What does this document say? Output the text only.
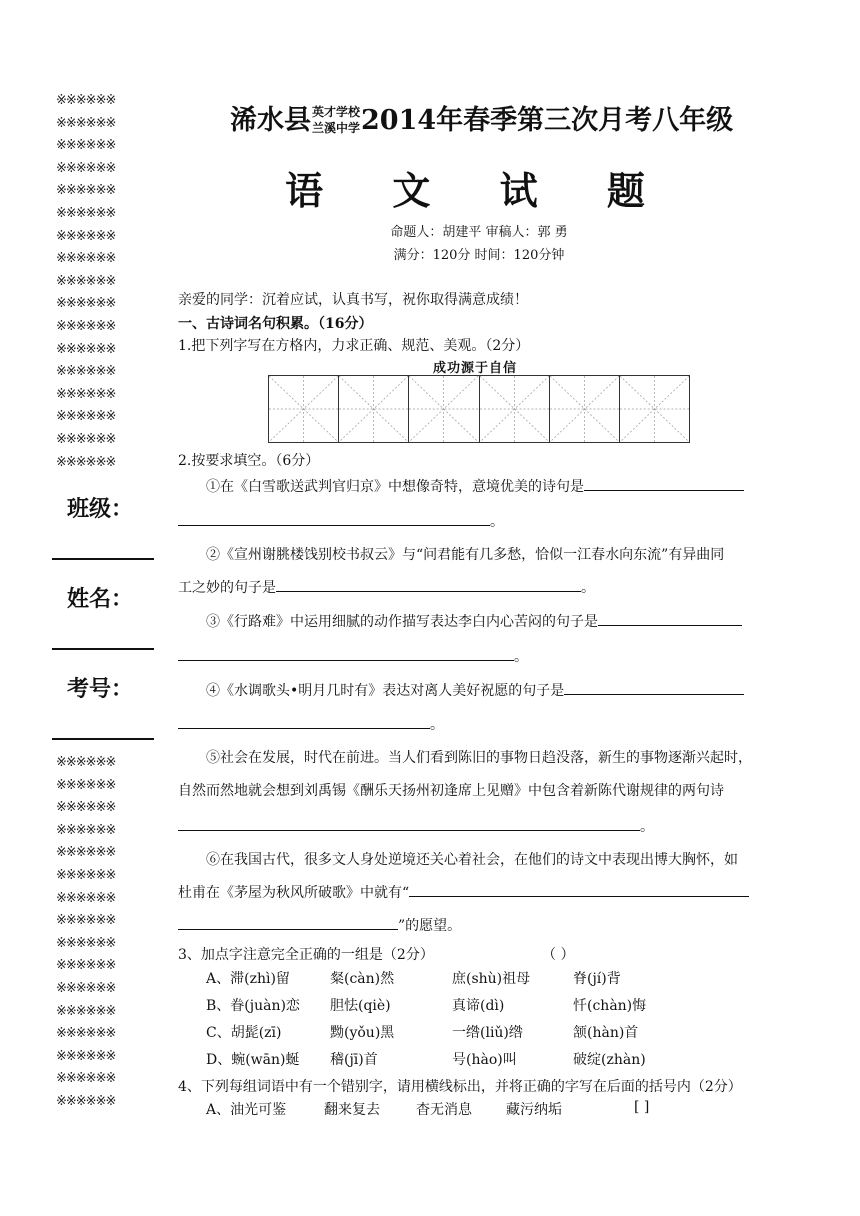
※※※※※※
※※※※※※
※※※※※※
※※※※※※
※※※※※※
※※※※※※
※※※※※※
※※※※※※
※※※※※※
※※※※※※
※※※※※※
※※※※※※
※※※※※※
※※※※※※
※※※※※※
※※※※※※
※※※※※※
班级：
姓名：
考号：
※※※※※※
※※※※※※
※※※※※※
※※※※※※
※※※※※※
※※※※※※
※※※※※※
※※※※※※
※※※※※※
※※※※※※
※※※※※※
※※※※※※
※※※※※※
※※※※※※
※※※※※※
※※※※※※
浠水县 英才学校
兰溪中学 2014年春季第三次月考八年级
语 文 试 题
命题人：胡建平 审稿人：郭 勇
满分：120分 时间：120分钟
亲爱的同学：沉着应试，认真书写，祝你取得满意成绩！
一、古诗词名句积累。（16分）
1.把下列字写在方格内，力求正确、规范、美观。（2分）
成功源于自信
2.按要求填空。（6分）
①在《白雪歌送武判官归京》中想像奇特，意境优美的诗句是
。
②《宣州谢脁楼饯别校书叔云》与“问君能有几多愁，恰似一江春水向东流”有异曲同
工之妙的句子是	。
③《行路难》中运用细腻的动作描写表达李白内心苦闷的句子是
。
④《水调歌头•明月几时有》表达对离人美好祝愿的句子是
。
⑤社会在发展，时代在前进。当人们看到陈旧的事物日趋没落，新生的事物逐渐兴起时，
自然而然地就会想到刘禹锡《酬乐天扬州初逢席上见赠》中包含着新陈代谢规律的两句诗
。
⑥在我国古代，很多文人身处逆境还关心着社会，在他们的诗文中表现出博大胸怀，如
杜甫在《茅屋为秋风所破歌》中就有“
”的愿望。
3、加点字注意完全正确的一组是（2分）	（ ）
A、滞(zhì)留	粲(càn)然	庶(shù)祖母	脊(jí)背
B、眷(juàn)恋 胆怯(qiè)	真谛(dì)	忏(chàn)悔
C、胡髭(zī)	黝(yǒu)黑	一绺(liǔ)绺	颔(hàn)首
D、蜿(wān)蜒 稽(jī)首	号(hào)叫	破绽(zhàn)
4、下列每组词语中有一个错别字，请用横线标出，并将正确的字写在后面的括号内（2分）
A、油光可鉴	翻来复去	杳无消息 藏污纳垢	[ ]
